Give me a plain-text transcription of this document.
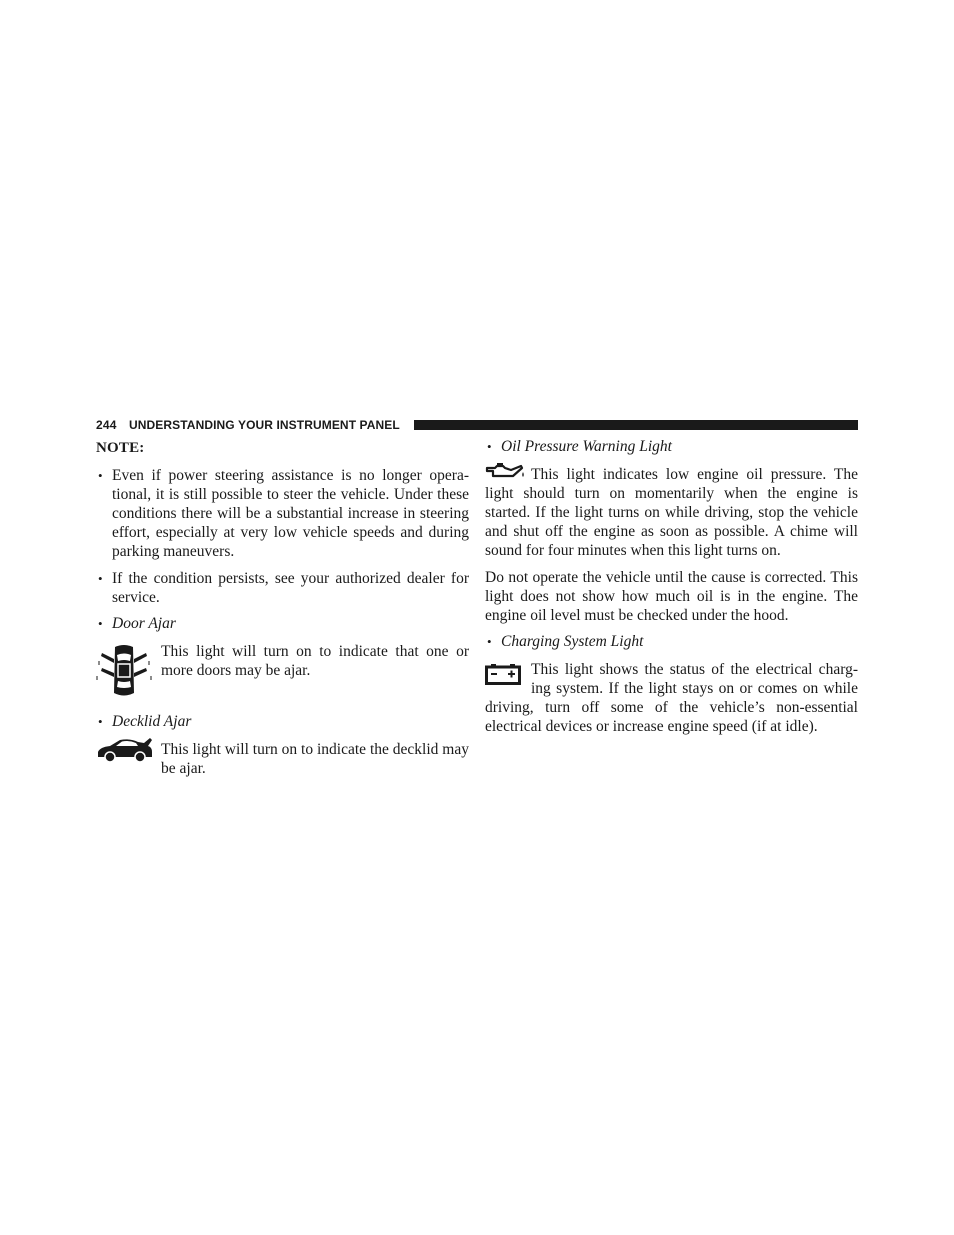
244 UNDERSTANDING YOUR INSTRUMENT PANEL

NOTE:

• Even if power steering assistance is no longer opera-tional, it is still possible to steer the vehicle. Under these conditions there will be a substantial increase in steering effort, especially at very low vehicle speeds and during parking maneuvers.
• If the condition persists, see your authorized dealer for service.
• Door Ajar

This light will turn on to indicate that one or more doors may be ajar.

• Decklid Ajar

This light will turn on to indicate the decklid may be ajar.

• Oil Pressure Warning Light

This light indicates low engine oil pressure. The light should turn on momentarily when the engine is started. If the light turns on while driving, stop the vehicle and shut off the engine as soon as possible. A chime will sound for four minutes when this light turns on.

Do not operate the vehicle until the cause is corrected. This light does not show how much oil is in the engine. The engine oil level must be checked under the hood.

• Charging System Light

This light shows the status of the electrical charg-ing system. If the light stays on or comes on while driving, turn off some of the vehicle’s non-essential electrical devices or increase engine speed (if at idle).
